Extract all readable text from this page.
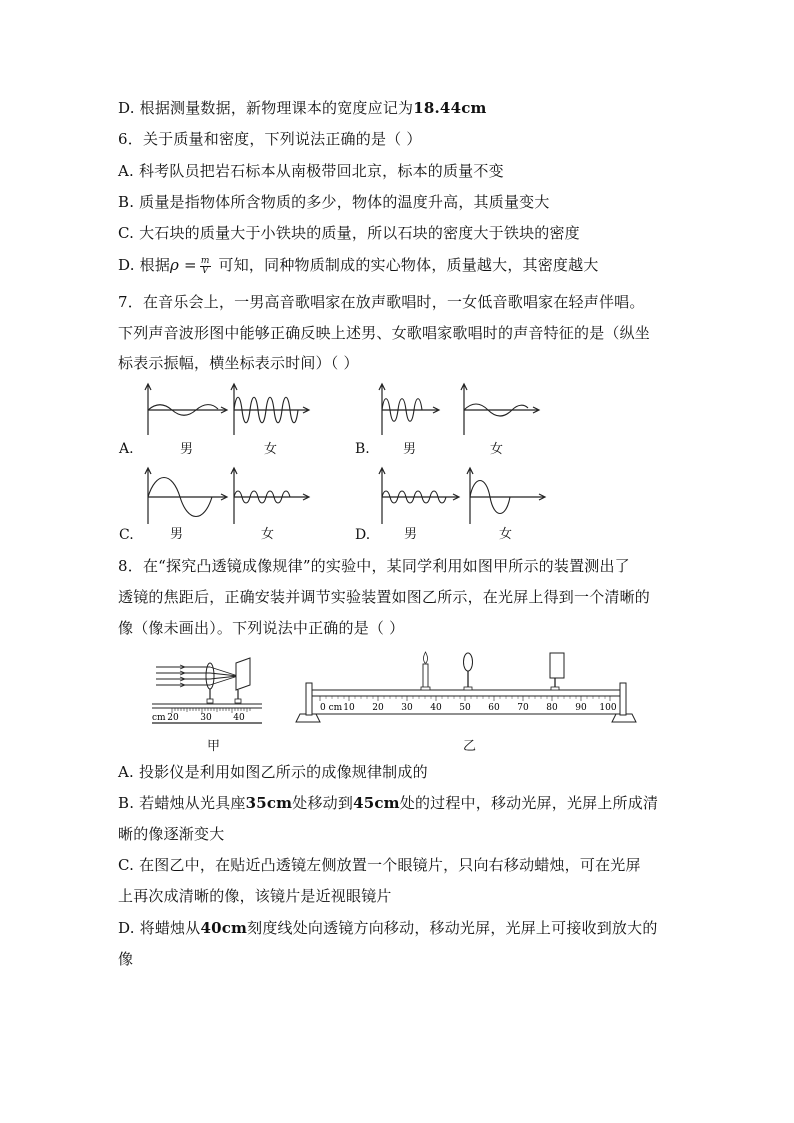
D. 根据测量数据，新物理课本的宽度应记为18.44cm
6．关于质量和密度，下列说法正确的是（ ）
A. 科考队员把岩石标本从南极带回北京，标本的质量不变
B. 质量是指物体所含物质的多少，物体的温度升高，其质量变大
C. 大石块的质量大于小铁块的质量，所以石块的密度大于铁块的密度
D. 根据$\rho = \frac{m}{V}$ 可知，同种物质制成的实心物体，质量越大，其密度越大
7．在音乐会上，一男高音歌唱家在放声歌唱时，一女低音歌唱家在轻声伴唱。
下列声音波形图中能够正确反映上述男、女歌唱家歌唱时的声音特征的是（纵坐
标表示振幅，横坐标表示时间）（ ）
A.	男	女	B.	男	女
C.	男	女	D.	男	女
8．在“探究凸透镜成像规律”的实验中，某同学利用如图甲所示的装置测出了
透镜的焦距后，正确安装并调节实验装置如图乙所示，在光屏上得到一个清晰的
像（像未画出）。下列说法中正确的是（ ）
cm 20 30 40
甲
0 cm 10 20 30 40 50 60 70 80 90 100
乙
A. 投影仪是利用如图乙所示的成像规律制成的
B. 若蜡烛从光具座35cm处移动到45cm处的过程中，移动光屏，光屏上所成清
晰的像逐渐变大
C. 在图乙中，在贴近凸透镜左侧放置一个眼镜片，只向右移动蜡烛，可在光屏
上再次成清晰的像，该镜片是近视眼镜片
D. 将蜡烛从40cm刻度线处向透镜方向移动，移动光屏，光屏上可接收到放大的
像
